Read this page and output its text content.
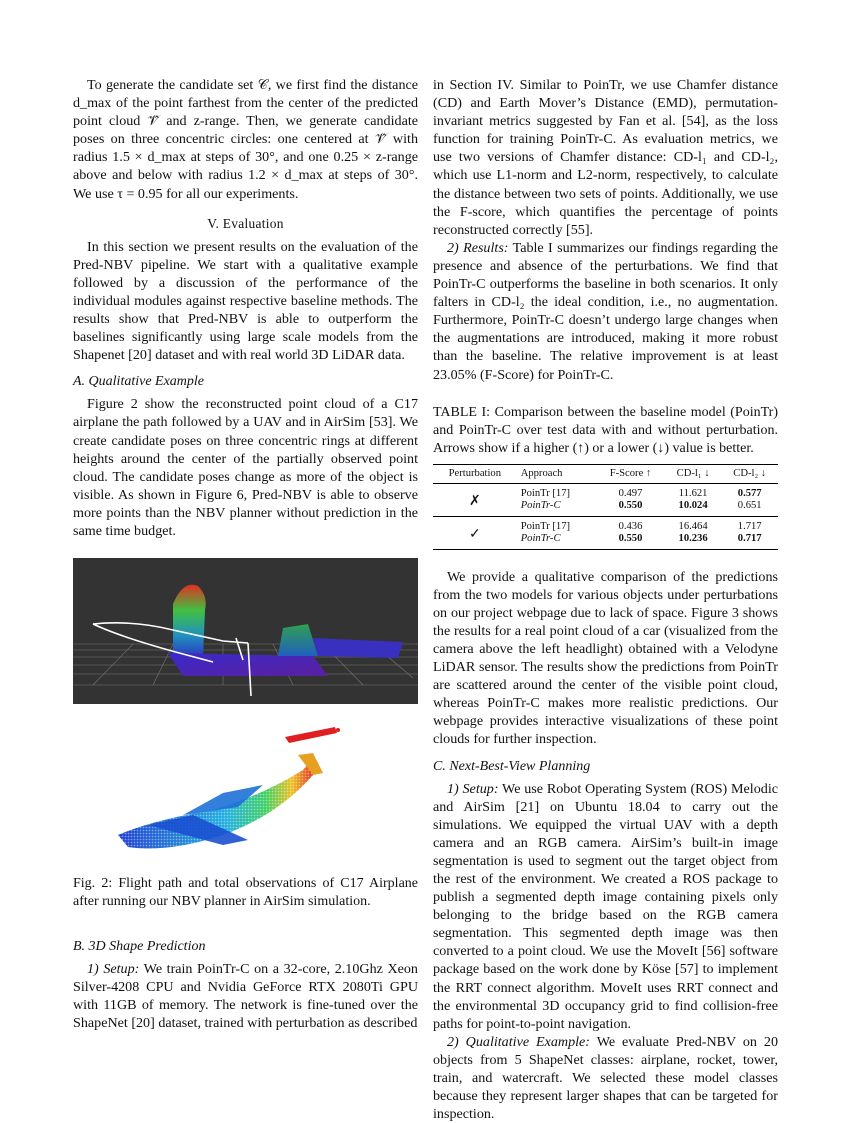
To generate the candidate set 𝒞, we first find the distance d_max of the point farthest from the center of the predicted point cloud 𝒱̂ and z-range. Then, we generate candidate poses on three concentric circles: one centered at 𝒱̂ with radius 1.5 × d_max at steps of 30°, and one 0.25 × z-range above and below with radius 1.2 × d_max at steps of 30°. We use τ = 0.95 for all our experiments.

V. Evaluation

In this section we present results on the evaluation of the Pred-NBV pipeline. We start with a qualitative example followed by a discussion of the performance of the individual modules against respective baseline methods. The results show that Pred-NBV is able to outperform the baselines significantly using large scale models from the Shapenet [20] dataset and with real world 3D LiDAR data.

A. Qualitative Example

Figure 2 show the reconstructed point cloud of a C17 airplane the path followed by a UAV and in AirSim [53]. We create candidate poses on three concentric rings at different heights around the center of the partially observed point cloud. The candidate poses change as more of the object is visible. As shown in Figure 6, Pred-NBV is able to observe more points than the NBV planner without prediction in the same time budget.

Fig. 2: Flight path and total observations of C17 Airplane after running our NBV planner in AirSim simulation.
B. 3D Shape Prediction

1) Setup: We train PoinTr-C on a 32-core, 2.10Ghz Xeon Silver-4208 CPU and Nvidia GeForce RTX 2080Ti GPU with 11GB of memory. The network is fine-tuned over the ShapeNet [20] dataset, trained with perturbation as described

in Section IV. Similar to PoinTr, we use Chamfer distance (CD) and Earth Mover’s Distance (EMD), permutation-invariant metrics suggested by Fan et al. [54], as the loss function for training PoinTr-C. As evaluation metrics, we use two versions of Chamfer distance: CD-l₁ and CD-l₂, which use L1-norm and L2-norm, respectively, to calculate the distance between two sets of points. Additionally, we use the F-score, which quantifies the percentage of points reconstructed correctly [55].

2) Results: Table I summarizes our findings regarding the presence and absence of the perturbations. We find that PoinTr-C outperforms the baseline in both scenarios. It only falters in CD-l₂ the ideal condition, i.e., no augmentation. Furthermore, PoinTr-C doesn’t undergo large changes when the augmentations are introduced, making it more robust than the baseline. The relative improvement is at least 23.05% (F-Score) for PoinTr-C.

TABLE I: Comparison between the baseline model (PoinTr) and PoinTr-C over test data with and without perturbation. Arrows show if a higher (↑) or a lower (↓) value is better.
Perturbation	Approach	F-Score ↑	CD-l₁ ↓	CD-l₂ ↓
✗	PoinTr [17]	0.497	11.621	0.577
	PoinTr-C	0.550	10.024	0.651
✓	PoinTr [17]	0.436	16.464	1.717
	PoinTr-C	0.550	10.236	0.717

We provide a qualitative comparison of the predictions from the two models for various objects under perturbations on our project webpage due to lack of space. Figure 3 shows the results for a real point cloud of a car (visualized from the camera above the left headlight) obtained with a Velodyne LiDAR sensor. The results show the predictions from PoinTr are scattered around the center of the visible point cloud, whereas PoinTr-C makes more realistic predictions. Our webpage provides interactive visualizations of these point clouds for further inspection.

C. Next-Best-View Planning

1) Setup: We use Robot Operating System (ROS) Melodic and AirSim [21] on Ubuntu 18.04 to carry out the simulations. We equipped the virtual UAV with a depth camera and an RGB camera. AirSim’s built-in image segmentation is used to segment out the target object from the rest of the environment. We created a ROS package to publish a segmented depth image containing pixels only belonging to the bridge based on the RGB camera segmentation. This segmented depth image was then converted to a point cloud. We use the MoveIt [56] software package based on the work done by Köse [57] to implement the RRT connect algorithm. MoveIt uses RRT connect and the environmental 3D occupancy grid to find collision-free paths for point-to-point navigation.

2) Qualitative Example: We evaluate Pred-NBV on 20 objects from 5 ShapeNet classes: airplane, rocket, tower, train, and watercraft. We selected these model classes because they represent larger shapes that can be targeted for inspection.
